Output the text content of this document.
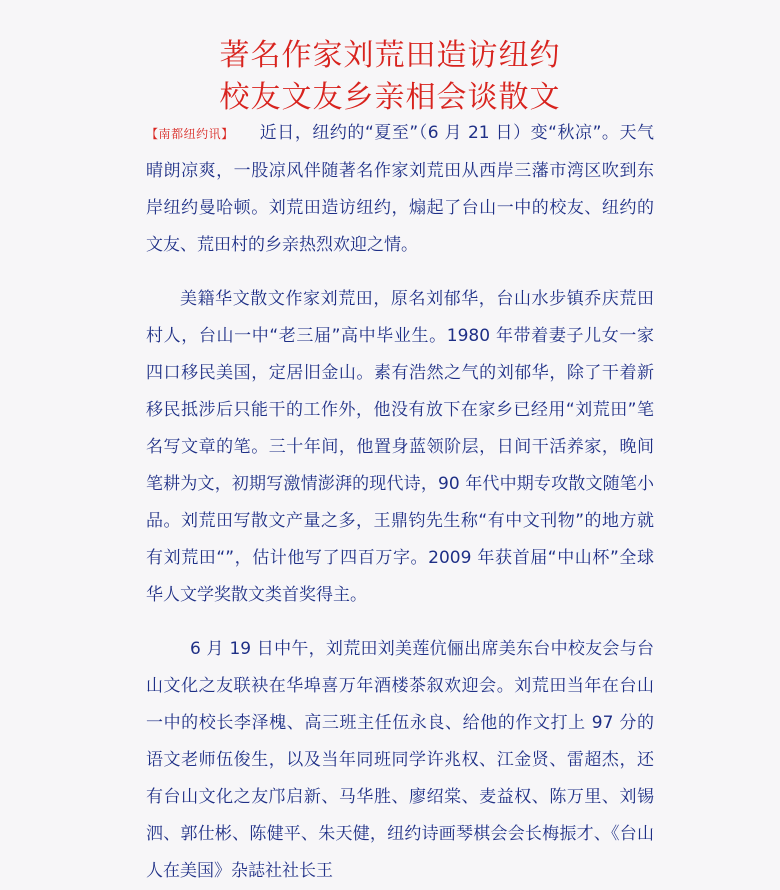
著名作家刘荒田造访纽约
校友文友乡亲相会谈散文

【南都纽约讯】 近日，纽约的“夏至”（6 月 21 日）变“秋凉”。天气晴朗凉爽，一股凉风伴随著名作家刘荒田从西岸三藩市湾区吹到东岸纽约曼哈顿。刘荒田造访纽约，煽起了台山一中的校友、纽约的文友、荒田村的乡亲热烈欢迎之情。

美籍华文散文作家刘荒田，原名刘郁华，台山水步镇乔庆荒田村人，台山一中“老三届”高中毕业生。1980 年带着妻子儿女一家四口移民美国，定居旧金山。素有浩然之气的刘郁华，除了干着新移民抵涉后只能干的工作外，他没有放下在家乡已经用“刘荒田”笔名写文章的笔。三十年间，他置身蓝领阶层，日间干活养家，晚间笔耕为文，初期写激情澎湃的现代诗，90 年代中期专攻散文随笔小品。刘荒田写散文产量之多，王鼎钧先生称“有中文刊物”的地方就有刘荒田“”，估计他写了四百万字。2009 年获首届“中山杯”全球华人文学奖散文类首奖得主。

6 月 19 日中午，刘荒田刘美莲伉俪出席美东台中校友会与台山文化之友联袂在华埠喜万年酒楼茶叙欢迎会。刘荒田当年在台山一中的校长李泽槐、高三班主任伍永良、给他的作文打上 97 分的语文老师伍俊生，以及当年同班同学许兆权、江金贤、雷超杰，还有台山文化之友邝启新、马华胜、廖绍棠、麦益权、陈万里、刘锡泗、郭仕彬、陈健平、朱天健，纽约诗画琴棋会会长梅振才、《台山人在美国》杂誌社社长王
